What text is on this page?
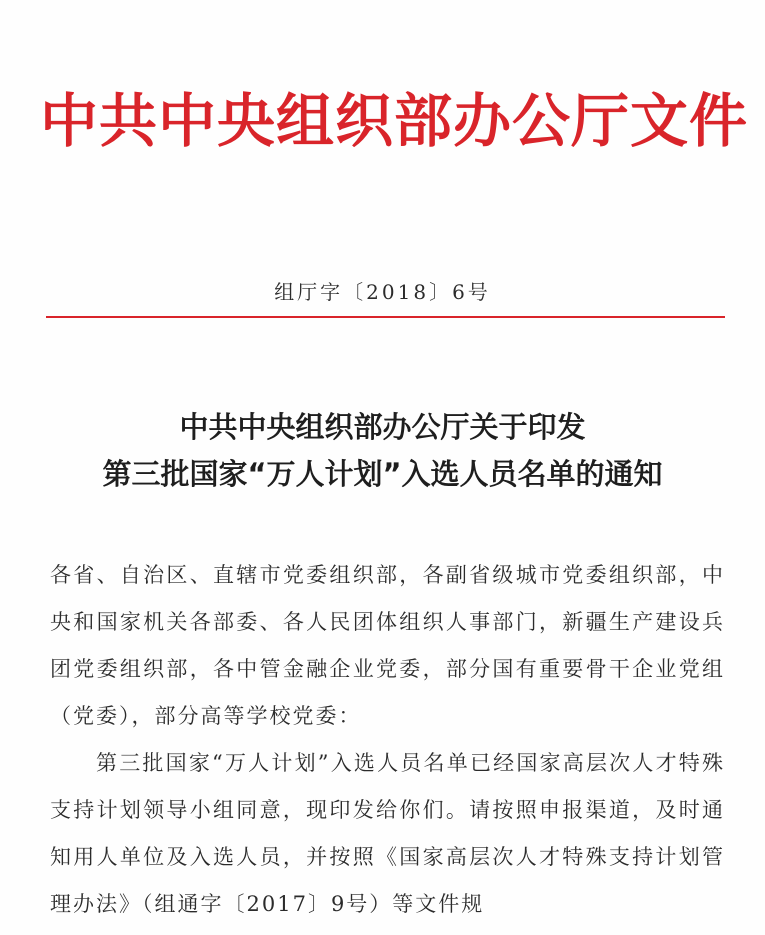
中共中央组织部办公厅文件
组厅字〔2018〕6号
中共中央组织部办公厅关于印发
第三批国家“万人计划”入选人员名单的通知

各省、自治区、直辖市党委组织部，各副省级城市党委组织部，中央和国家机关各部委、各人民团体组织人事部门，新疆生产建设兵团党委组织部，各中管金融企业党委，部分国有重要骨干企业党组（党委），部分高等学校党委：

第三批国家“万人计划”入选人员名单已经国家高层次人才特殊支持计划领导小组同意，现印发给你们。请按照申报渠道，及时通知用人单位及入选人员，并按照《国家高层次人才特殊支持计划管理办法》（组通字〔2017〕9号）等文件规
